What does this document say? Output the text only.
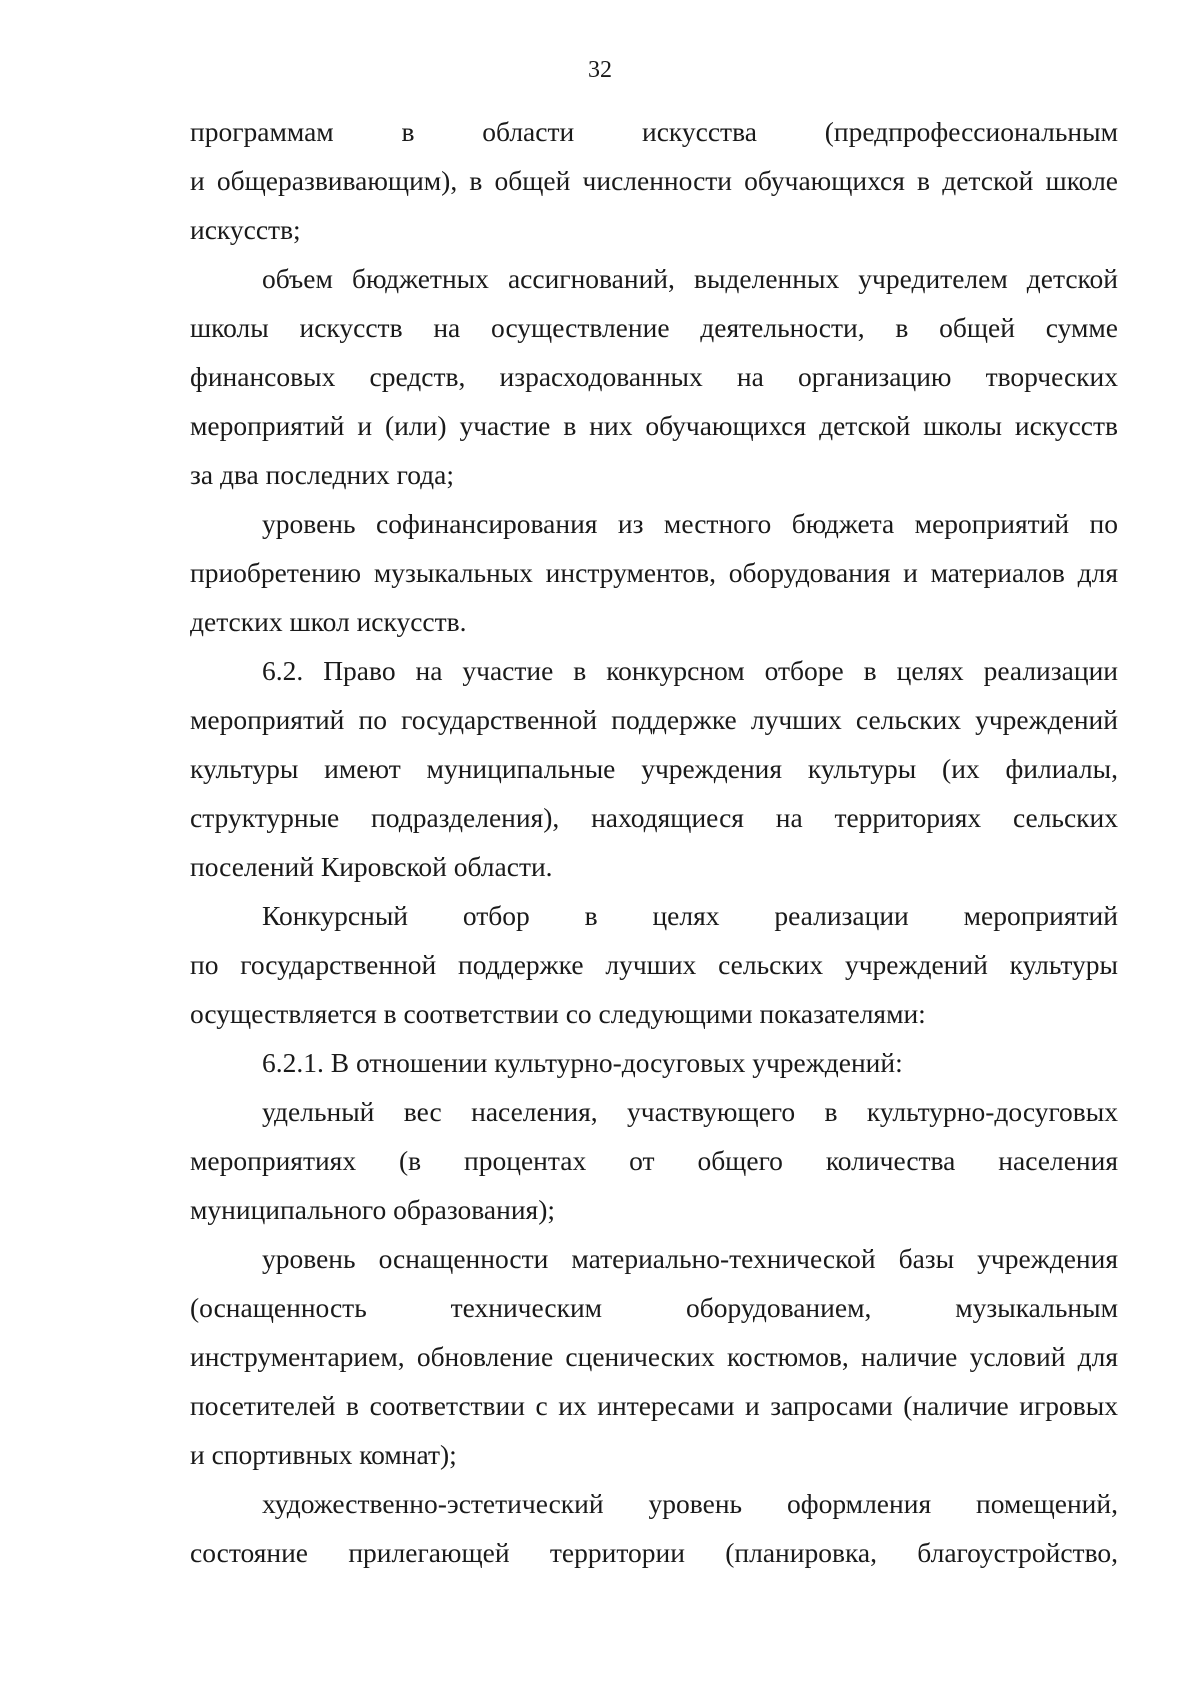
32
программам в области искусства (предпрофессиональным
и общеразвивающим), в общей численности обучающихся в детской школе
искусств;
объем бюджетных ассигнований, выделенных учредителем детской
школы искусств на осуществление деятельности, в общей сумме
финансовых средств, израсходованных на организацию творческих
мероприятий и (или) участие в них обучающихся детской школы искусств
за два последних года;
уровень софинансирования из местного бюджета мероприятий по
приобретению музыкальных инструментов, оборудования и материалов для
детских школ искусств.
6.2. Право на участие в конкурсном отборе в целях реализации
мероприятий по государственной поддержке лучших сельских учреждений
культуры имеют муниципальные учреждения культуры (их филиалы,
структурные подразделения), находящиеся на территориях сельских
поселений Кировской области.
Конкурсный отбор в целях реализации мероприятий
по государственной поддержке лучших сельских учреждений культуры
осуществляется в соответствии со следующими показателями:
6.2.1. В отношении культурно-досуговых учреждений:
удельный вес населения, участвующего в культурно-досуговых
мероприятиях (в процентах от общего количества населения
муниципального образования);
уровень оснащенности материально-технической базы учреждения
(оснащенность техническим оборудованием, музыкальным
инструментарием, обновление сценических костюмов, наличие условий для
посетителей в соответствии с их интересами и запросами (наличие игровых
и спортивных комнат);
художественно-эстетический уровень оформления помещений,
состояние прилегающей территории (планировка, благоустройство,
